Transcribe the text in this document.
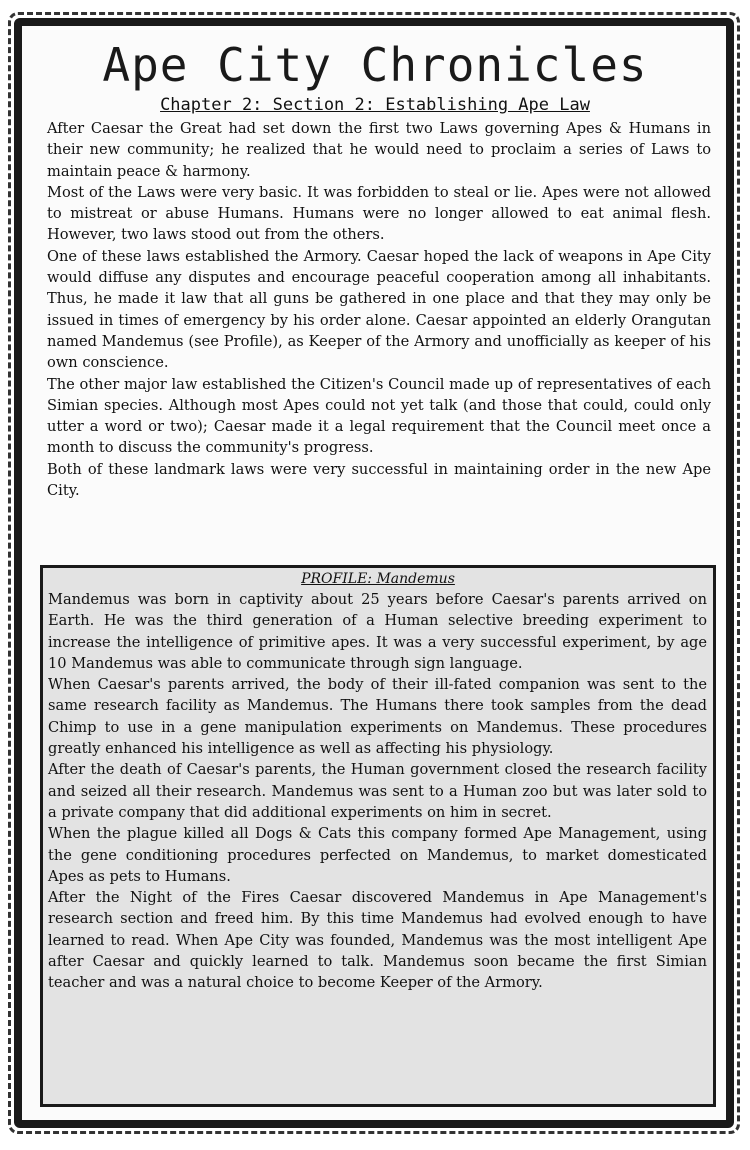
Ape City Chronicles
Chapter 2: Section 2: Establishing Ape Law

After Caesar the Great had set down the first two Laws governing Apes & Humans in their new community; he realized that he would need to proclaim a series of Laws to maintain peace & harmony.

Most of the Laws were very basic. It was forbidden to steal or lie. Apes were not allowed to mistreat or abuse Humans. Humans were no longer allowed to eat animal flesh. However, two laws stood out from the others.

One of these laws established the Armory. Caesar hoped the lack of weapons in Ape City would diffuse any disputes and encourage peaceful cooperation among all inhabitants. Thus, he made it law that all guns be gathered in one place and that they may only be issued in times of emergency by his order alone. Caesar appointed an elderly Orangutan named Mandemus (see Profile), as Keeper of the Armory and unofficially as keeper of his own conscience.

The other major law established the Citizen's Council made up of representatives of each Simian species. Although most Apes could not yet talk (and those that could, could only utter a word or two); Caesar made it a legal requirement that the Council meet once a month to discuss the community's progress.

Both of these landmark laws were very successful in maintaining order in the new Ape City.

PROFILE: Mandemus

Mandemus was born in captivity about 25 years before Caesar's parents arrived on Earth. He was the third generation of a Human selective breeding experiment to increase the intelligence of primitive apes. It was a very successful experiment, by age 10 Mandemus was able to communicate through sign language.

When Caesar's parents arrived, the body of their ill-fated companion was sent to the same research facility as Mandemus. The Humans there took samples from the dead Chimp to use in a gene manipulation experiments on Mandemus. These procedures greatly enhanced his intelligence as well as affecting his physiology.

After the death of Caesar's parents, the Human government closed the research facility and seized all their research. Mandemus was sent to a Human zoo but was later sold to a private company that did additional experiments on him in secret.

When the plague killed all Dogs & Cats this company formed Ape Management, using the gene conditioning procedures perfected on Mandemus, to market domesticated Apes as pets to Humans.

After the Night of the Fires Caesar discovered Mandemus in Ape Management's research section and freed him. By this time Mandemus had evolved enough to have learned to read. When Ape City was founded, Mandemus was the most intelligent Ape after Caesar and quickly learned to talk. Mandemus soon became the first Simian teacher and was a natural choice to become Keeper of the Armory.
